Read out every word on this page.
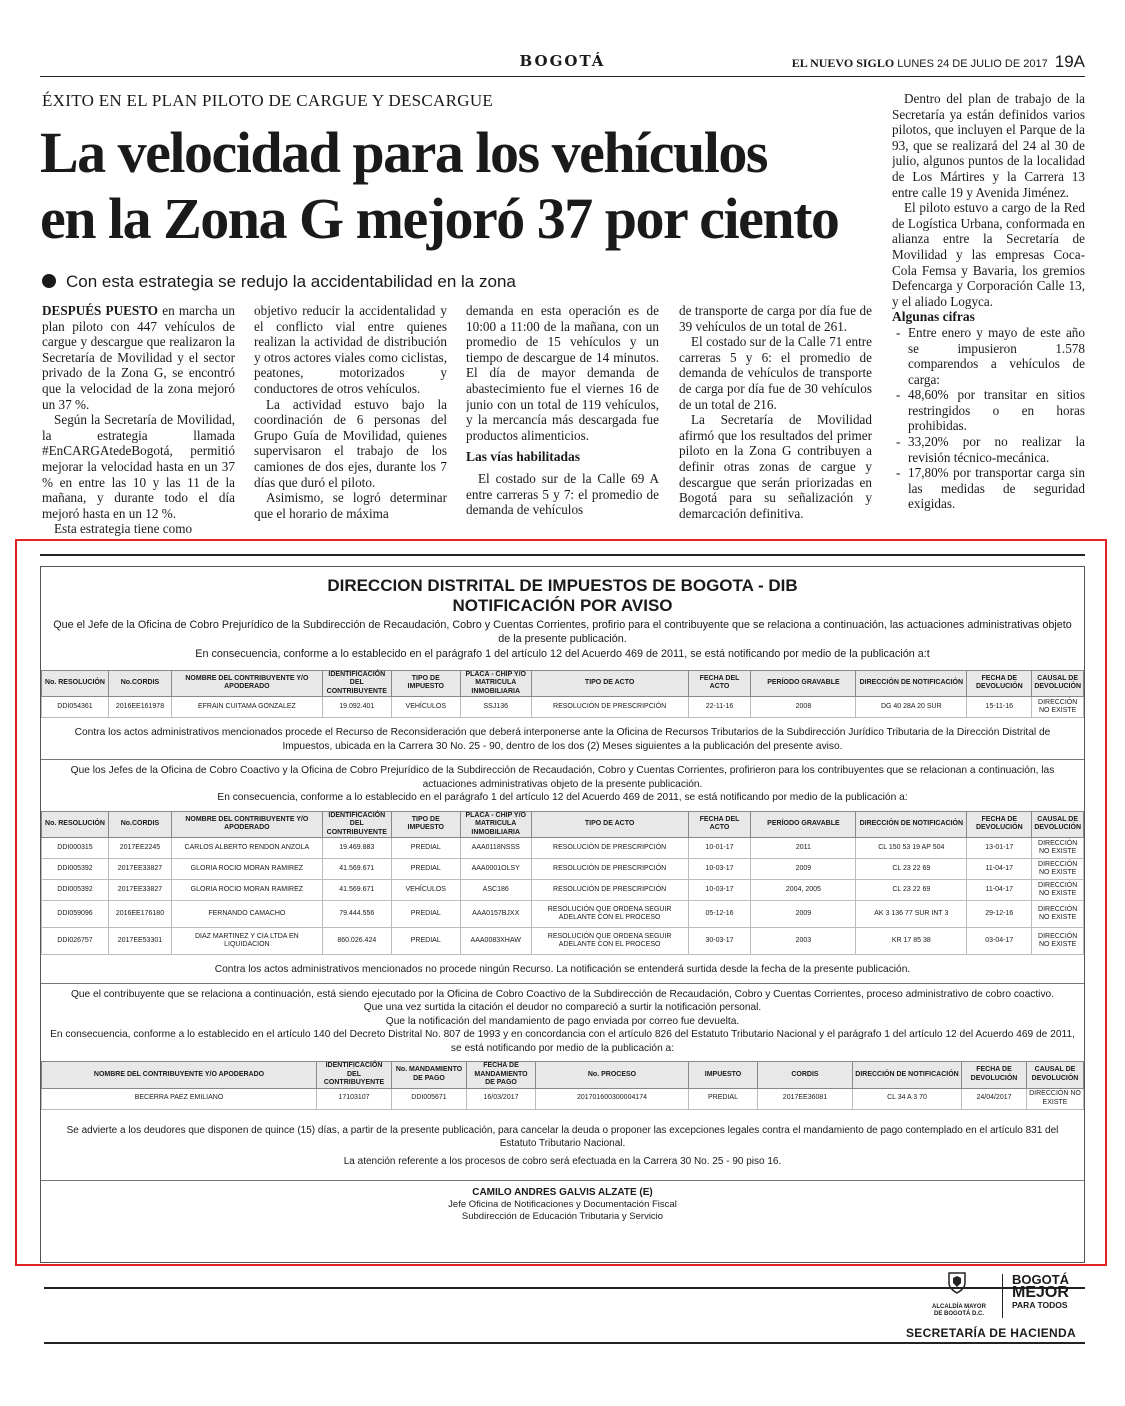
BOGOTÁ	EL NUEVO SIGLO LUNES 24 DE JULIO DE 2017 19A
ÉXITO EN EL PLAN PILOTO DE CARGUE Y DESCARGUE
La velocidad para los vehículos
en la Zona G mejoró 37 por ciento
Con esta estrategia se redujo la accidentabilidad en la zona

DESPUÉS PUESTO en marcha un plan piloto con 447 vehículos de cargue y descargue que realizaron la Secretaría de Movilidad y el sector privado de la Zona G, se encontró que la velocidad de la zona mejoró un 37 %.

Según la Secretaría de Movilidad, la estrategia llamada #EnCARGAtedeBogotá, permitió mejorar la velocidad hasta en un 37 % en entre las 10 y las 11 de la mañana, y durante todo el día mejoró hasta en un 12 %.

Esta estrategia tiene como

objetivo reducir la accidentalidad y el conflicto vial entre quienes realizan la actividad de distribución y otros actores viales como ciclistas, peatones, motorizados y conductores de otros vehículos.

La actividad estuvo bajo la coordinación de 6 personas del Grupo Guía de Movilidad, quienes supervisaron el trabajo de los camiones de dos ejes, durante los 7 días que duró el piloto.

Asimismo, se logró determinar que el horario de máxima

demanda en esta operación es de 10:00 a 11:00 de la mañana, con un promedio de 15 vehículos y un tiempo de descargue de 14 minutos. El día de mayor demanda de abastecimiento fue el viernes 16 de junio con un total de 119 vehículos, y la mercancía más descargada fue productos alimenticios.

Las vías habilitadas

El costado sur de la Calle 69 A entre carreras 5 y 7: el promedio de demanda de vehículos

de transporte de carga por día fue de 39 vehículos de un total de 261.

El costado sur de la Calle 71 entre carreras 5 y 6: el promedio de demanda de vehículos de transporte de carga por día fue de 30 vehículos de un total de 216.

La Secretaría de Movilidad afirmó que los resultados del primer piloto en la Zona G contribuyen a definir otras zonas de cargue y descargue que serán priorizadas en Bogotá para su señalización y demarcación definitiva.

Dentro del plan de trabajo de la Secretaría ya están definidos varios pilotos, que incluyen el Parque de la 93, que se realizará del 24 al 30 de julio, algunos puntos de la localidad de Los Mártires y la Carrera 13 entre calle 19 y Avenida Jiménez.

El piloto estuvo a cargo de la Red de Logística Urbana, conformada en alianza entre la Secretaría de Movilidad y las empresas Coca-Cola Femsa y Bavaria, los gremios Defencarga y Corporación Calle 13, y el aliado Logyca.

Algunas cifras
- Entre enero y mayo de este año se impusieron 1.578 comparendos a vehículos de carga:
- 48,60% por transitar en sitios restringidos o en horas prohibidas.
- 33,20% por no realizar la revisión técnico-mecánica.
- 17,80% por transportar carga sin las medidas de seguridad exigidas.
DIRECCION DISTRITAL DE IMPUESTOS DE BOGOTA - DIB
NOTIFICACIÓN POR AVISO
Que el Jefe de la Oficina de Cobro Prejurídico de la Subdirección de Recaudación, Cobro y Cuentas Corrientes, profirio para el contribuyente que se relaciona a continuación, las actuaciones administrativas objeto de la presente publicación.
En consecuencia, conforme a lo establecido en el parágrafo 1 del artículo 12 del Acuerdo 469 de 2011, se está notificando por medio de la publicación a:t
No. RESOLUCIÓN	No.CORDIS	NOMBRE DEL CONTRIBUYENTE Y/O APODERADO	IDENTIFICACIÓN DEL CONTRIBUYENTE	TIPO DE IMPUESTO	PLACA - CHIP Y/O MATRICULA INMOBILIARIA	TIPO DE ACTO	FECHA DEL ACTO	PERÍODO GRAVABLE	DIRECCIÓN DE NOTIFICACIÓN	FECHA DE DEVOLUCIÓN	CAUSAL DE DEVOLUCIÓN
DDI054361	2016EE161978	EFRAIN CUITAMA GONZALEZ	19.092.401	VEHÍCULOS	SSJ136	RESOLUCIÓN DE PRESCRIPCIÓN	22-11-16	2008	DG 40 28A 20 SUR	15-11-16	DIRECCIÓN NO EXISTE
Contra los actos administrativos mencionados procede el Recurso de Reconsideración que deberá interponerse ante la Oficina de Recursos Tributarios de la Subdirección Jurídico Tributaria de la Dirección Distrital de Impuestos, ubicada en la Carrera 30 No. 25 - 90, dentro de los dos (2) Meses siguientes a la publicación del presente aviso.
Que los Jefes de la Oficina de Cobro Coactivo y la Oficina de Cobro Prejurídico de la Subdirección de Recaudación, Cobro y Cuentas Corrientes, profirieron para los contribuyentes que se relacionan a continuación, las actuaciones administrativas objeto de la presente publicación.
En consecuencia, conforme a lo establecido en el parágrafo 1 del artículo 12 del Acuerdo 469 de 2011, se está notificando por medio de la publicación a:
No. RESOLUCIÓN	No.CORDIS	NOMBRE DEL CONTRIBUYENTE Y/O APODERADO	IDENTIFICACIÓN DEL CONTRIBUYENTE	TIPO DE IMPUESTO	PLACA - CHIP Y/O MATRICULA INMOBILIARIA	TIPO DE ACTO	FECHA DEL ACTO	PERÍODO GRAVABLE	DIRECCIÓN DE NOTIFICACIÓN	FECHA DE DEVOLUCIÓN	CAUSAL DE DEVOLUCIÓN
DDI000315	2017EE2245	CARLOS ALBERTO RENDON ANZOLA	19.469.883	PREDIAL	AAA0118NSSS	RESOLUCIÓN DE PRESCRIPCIÓN	10-01-17	2011	CL 150 53 19 AP 504	13-01-17	DIRECCIÓN NO EXISTE
DDI005392	2017EE33827	GLORIA ROCIO MORAN RAMIREZ	41.569.671	PREDIAL	AAA0001OLSY	RESOLUCIÓN DE PRESCRIPCIÓN	10-03-17	2009	CL 23 22 69	11-04-17	DIRECCIÓN NO EXISTE
DDI005392	2017EE33827	GLORIA ROCIO MORAN RAMIREZ	41.569.671	VEHÍCULOS	ASC186	RESOLUCIÓN DE PRESCRIPCIÓN	10-03-17	2004, 2005	CL 23 22 69	11-04-17	DIRECCIÓN NO EXISTE
DDI059096	2016EE176180	FERNANDO CAMACHO	79.444.556	PREDIAL	AAA0157BJXX	RESOLUCIÓN QUE ORDENA SEGUIR ADELANTE CON EL PROCESO	05-12-16	2009	AK 3 136 77 SUR INT 3	29-12-16	DIRECCIÓN NO EXISTE
DDI026757	2017EE53301	DIAZ MARTINEZ Y CIA LTDA EN LIQUIDACION	860.026.424	PREDIAL	AAA0083XHAW	RESOLUCIÓN QUE ORDENA SEGUIR ADELANTE CON EL PROCESO	30-03-17	2003	KR 17 85 38	03-04-17	DIRECCIÓN NO EXISTE
Contra los actos administrativos mencionados no procede ningún Recurso. La notificación se entenderá surtida desde la fecha de la presente publicación.
Que el contribuyente que se relaciona a continuación, está siendo ejecutado por la Oficina de Cobro Coactivo de la Subdirección de Recaudación, Cobro y Cuentas Corrientes, proceso administrativo de cobro coactivo.
Que una vez surtida la citación el deudor no compareció a surtir la notificación personal.
Que la notificación del mandamiento de pago enviada por correo fue devuelta.
En consecuencia, conforme a lo establecido en el artículo 140 del Decreto Distrital No. 807 de 1993 y en concordancia con el artículo 826 del Estatuto Tributario Nacional y el parágrafo 1 del artículo 12 del Acuerdo 469 de 2011, se está notificando por medio de la publicación a:
NOMBRE DEL CONTRIBUYENTE Y/O APODERADO	IDENTIFICACIÓN DEL CONTRIBUYENTE	No. MANDAMIENTO DE PAGO	FECHA DE MANDAMIENTO DE PAGO	No. PROCESO	IMPUESTO	CORDIS	DIRECCIÓN DE NOTIFICACIÓN	FECHA DE DEVOLUCIÓN	CAUSAL DE DEVOLUCIÓN
BECERRA PAEZ EMILIANO	17103107	DDI005671	16/03/2017	201701600300004174	PREDIAL	2017EE36081	CL 34 A 3 70	24/04/2017	DIRECCIÓN NO EXISTE
Se advierte a los deudores que disponen de quince (15) días, a partir de la presente publicación, para cancelar la deuda o proponer las excepciones legales contra el mandamiento de pago contemplado en el artículo 831 del Estatuto Tributario Nacional.
La atención referente a los procesos de cobro será efectuada en la Carrera 30 No. 25 - 90 piso 16.
CAMILO ANDRES GALVIS ALZATE (E)
Jefe Oficina de Notificaciones y Documentación Fiscal
Subdirección de Educación Tributaria y Servicio
ALCALDÍA MAYOR
DE BOGOTÁ D.C.
BOGOTÁ
MEJOR
PARA TODOS
SECRETARÍA DE HACIENDA
